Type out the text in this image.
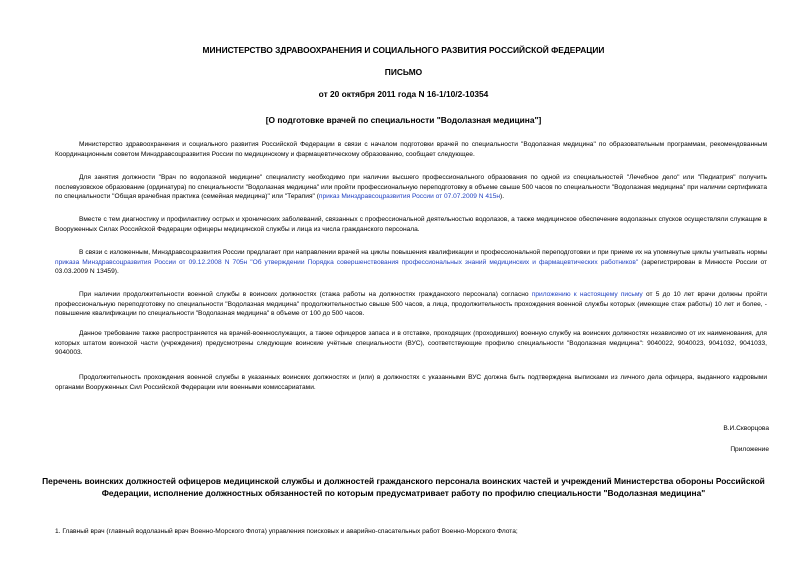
МИНИСТЕРСТВО ЗДРАВООХРАНЕНИЯ И СОЦИАЛЬНОГО РАЗВИТИЯ РОССИЙСКОЙ ФЕДЕРАЦИИ
ПИСЬМО
от 20 октября 2011 года N 16-1/10/2-10354
[О подготовке врачей по специальности "Водолазная медицина"]

Министерство здравоохранения и социального развития Российской Федерации в связи с началом подготовки врачей по специальности "Водолазная медицина" по образовательным программам, рекомендованным Координационным советом Минздравсоцразвития России по медицинскому и фармацевтическому образованию, сообщает следующее.

Для занятия должности "Врач по водолазной медицине" специалисту необходимо при наличии высшего профессионального образования по одной из специальностей "Лечебное дело" или "Педиатрия" получить послевузовское образование (ординатура) по специальности "Водолазная медицина" или пройти профессиональную переподготовку в объеме свыше 500 часов по специальности "Водолазная медицина" при наличии сертификата по специальности "Общая врачебная практика (семейная медицина)" или "Терапия" (приказ Минздравсоцразвития России от 07.07.2009 N 415н).

Вместе с тем диагностику и профилактику острых и хронических заболеваний, связанных с профессиональной деятельностью водолазов, а также медицинское обеспечение водолазных спусков осуществляли служащие в Вооруженных Силах Российской Федерации офицеры медицинской службы и лица из числа гражданского персонала.

В связи с изложенным, Минздравсоцразвития России предлагает при направлении врачей на циклы повышения квалификации и профессиональной переподготовки и при приеме их на упомянутые циклы учитывать нормы приказа Минздравсоцразвития России от 09.12.2008 N 705н "Об утверждении Порядка совершенствования профессиональных знаний медицинских и фармацевтических работников" (зарегистрирован в Минюсте России от 03.03.2009 N 13459).

При наличии продолжительности военной службы в воинских должностях (стажа работы на должностях гражданского персонала) согласно приложению к настоящему письму от 5 до 10 лет врачи должны пройти профессиональную переподготовку по специальности "Водолазная медицина" продолжительностью свыше 500 часов, а лица, продолжительность прохождения военной службы которых (имеющие стаж работы) 10 лет и более, - повышение квалификации по специальности "Водолазная медицина" в объеме от 100 до 500 часов.

Данное требование также распространяется на врачей-военнослужащих, а также офицеров запаса и в отставке, проходящих (проходивших) военную службу на воинских должностях независимо от их наименования, для которых штатом воинской части (учреждения) предусмотрены следующие воинские учётные специальности (ВУС), соответствующие профилю специальности "Водолазная медицина": 9040022, 9040023, 9041032, 9041033, 9040003.

Продолжительность прохождения военной службы в указанных воинских должностях и (или) в должностях с указанными ВУС должна быть подтверждена выписками из личного дела офицера, выданного кадровыми органами Вооруженных Сил Российской Федерации или военными комиссариатами.

В.И.Скворцова
Приложение

Перечень воинских должностей офицеров медицинской службы и должностей гражданского персонала воинских частей и учреждений Министерства обороны Российской Федерации, исполнение должностных обязанностей по которым предусматривает работу по профилю специальности "Водолазная медицина"

1. Главный врач (главный водолазный врач Военно-Морского Флота) управления поисковых и аварийно-спасательных работ Военно-Морского Флота;
